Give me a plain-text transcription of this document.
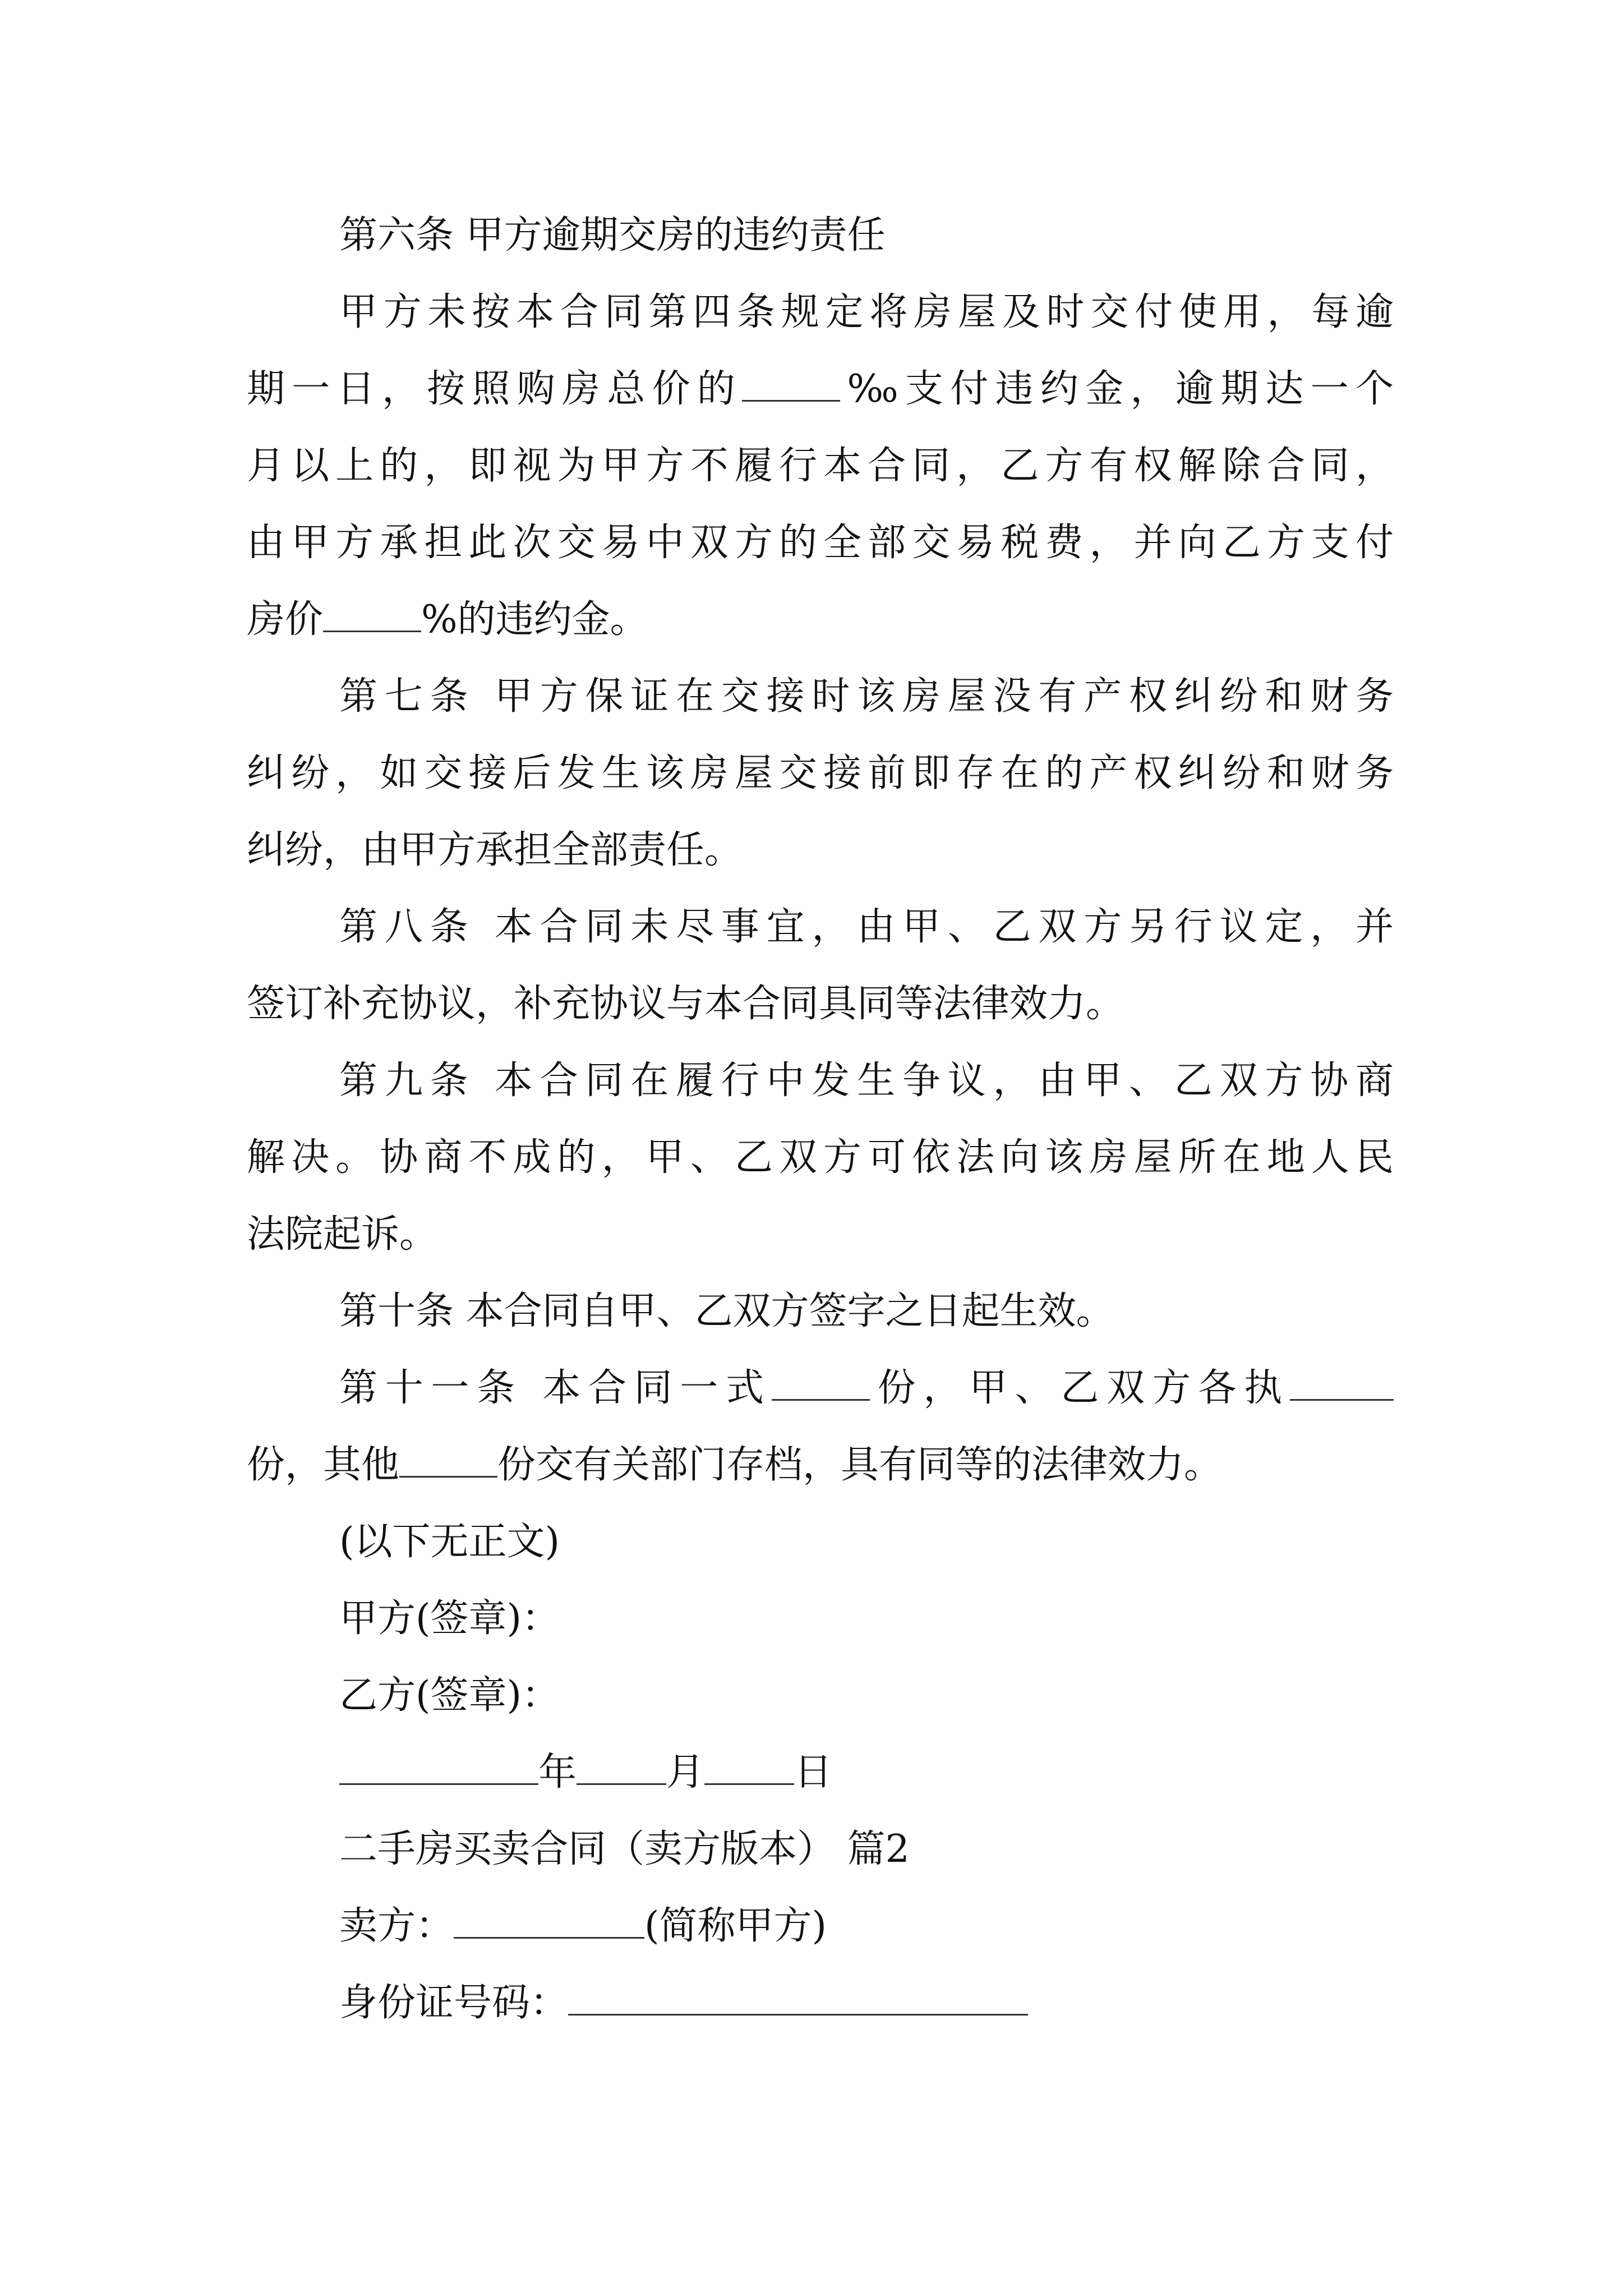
第六条 甲方逾期交房的违约责任
甲方未按本合同第四条规定将房屋及时交付使用，每逾
期一日，按照购房总价的	‰支付违约金，逾期达一个
月以上的，即视为甲方不履行本合同，乙方有权解除合同，
由甲方承担此次交易中双方的全部交易税费，并向乙方支付
房价	%的违约金。
第七条 甲方保证在交接时该房屋没有产权纠纷和财务
纠纷，如交接后发生该房屋交接前即存在的产权纠纷和财务
纠纷，由甲方承担全部责任。
第八条 本合同未尽事宜，由甲、乙双方另行议定，并
签订补充协议，补充协议与本合同具同等法律效力。
第九条 本合同在履行中发生争议，由甲、乙双方协商
解决。协商不成的，甲、乙双方可依法向该房屋所在地人民
法院起诉。
第十条 本合同自甲、乙双方签字之日起生效。
第十一条 本合同一式	份，甲、乙双方各执
份，其他	份交有关部门存档，具有同等的法律效力。
(以下无正文)
甲方(签章)：
乙方(签章)：
年 月 日
二手房买卖合同（卖方版本） 篇2
卖方：	(简称甲方)
身份证号码：
